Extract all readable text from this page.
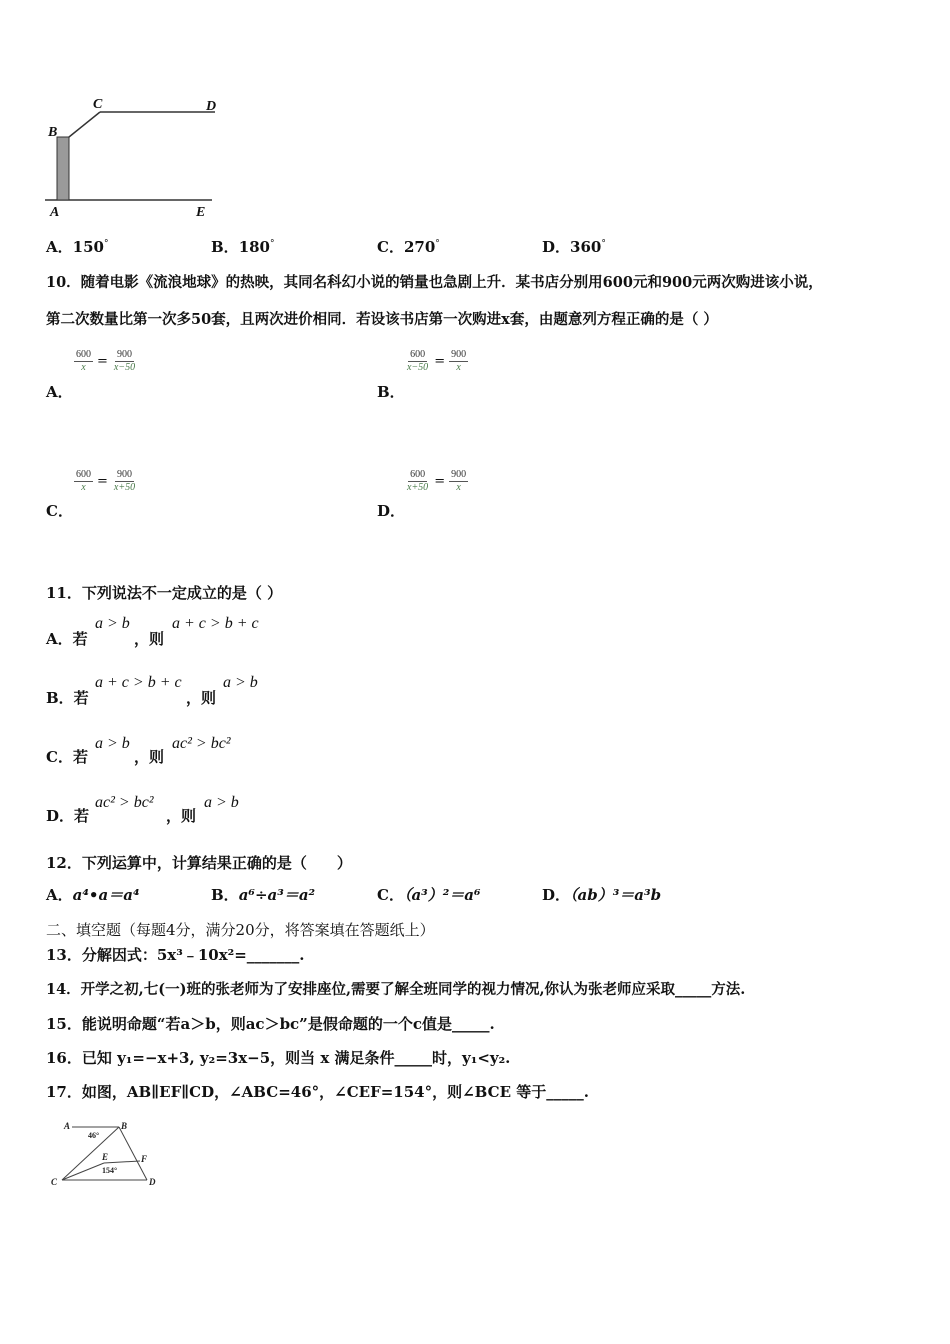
B
C	D
A	E
A．150°	B．180°	C．270°	D．360°
10．随着电影《流浪地球》的热映，其同名科幻小说的销量也急剧上升．某书店分别用600元和900元两次购进该小说，
第二次数量比第一次多50套，且两次进价相同．若设该书店第一次购进x套，由题意列方程正确的是（ ）
$\frac{600}{x} = \frac{900}{x-50}$
A．
$\frac{600}{x-50} = \frac{900}{x}$
B．
$\frac{600}{x} = \frac{900}{x+50}$
C．
$\frac{600}{x+50} = \frac{900}{x}$
D．
11．下列说法不一定成立的是（ ）
A．若
a > b
，则
a + c > b + c
B．若
a + c > b + c
，则
a > b
C．若
a > b
，则
ac² > bc²
D．若
ac² > bc²
，则
a > b
12．下列运算中，计算结果正确的是（　　）
A．a⁴•a＝a⁴	B．a⁶÷a³＝a²	C．（a³）²＝a⁶	D．（ab）³＝a³b
二、填空题（每题4分，满分20分，将答案填在答题纸上）
13．分解因式：5x³﹣10x²=_______.
14．开学之初,七(一)班的张老师为了安排座位,需要了解全班同学的视力情况,你认为张老师应采取_____方法.
15．能说明命题“若a＞b，则ac＞bc”是假命题的一个c值是_____.
16．已知 y₁=−x+3, y₂=3x−5，则当 x 满足条件_____时，y₁<y₂.
17．如图，AB∥EF∥CD，∠ABC=46°，∠CEF=154°，则∠BCE 等于_____.
A	B
46°
E	F
154°
C	D
